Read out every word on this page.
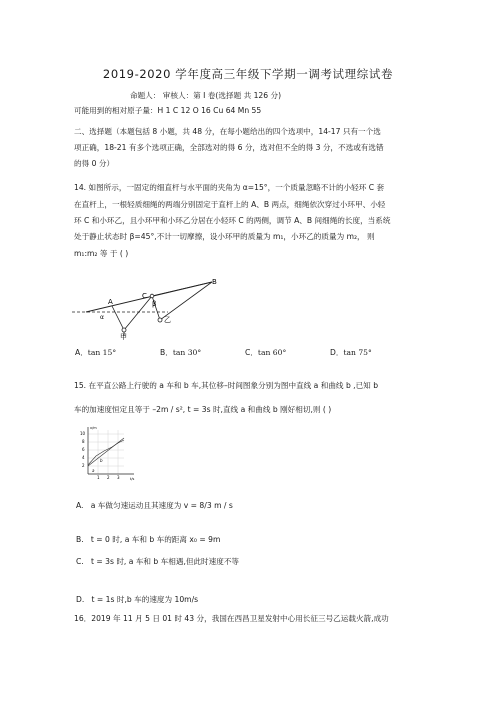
2019-2020 学年度高三年级下学期一调考试理综试卷
命题人： 审核人：第 I 卷(选择题 共 126 分)
可能用到的相对原子量：H 1 C 12 O 16 Cu 64 Mn 55
二、选择题（本题包括 8 小题，共 48 分，在每小题给出的四个选项中，14-17 只有一个选
项正确，18-21 有多个选项正确，全部选对的得 6 分，选对但不全的得 3 分，不选或有选错
的得 0 分）
14. 如图所示，一固定的细直杆与水平面的夹角为 α=15°，一个质量忽略不计的小轻环 C 套
在直杆上，一根轻质细绳的两端分别固定于直杆上的 A、B 两点，细绳依次穿过小环甲、小轻
环 C 和小环乙，且小环甲和小环乙分居在小轻环 C 的两侧，调节 A、B 间细绳的长度，当系统
处于静止状态时 β=45°,不计一切摩擦，设小环甲的质量为 m₁，小环乙的质量为 m₂， 则
m₁:m₂ 等 于 ( )
B
C
β
A
α
甲
乙
A．tan 15°	B．tan 30°	C．tan 60°	D．tan 75°
15. 在平直公路上行驶的 a 车和 b 车,其位移–时间图象分别为图中直线 a 和曲线 b ,已知 b
车的加速度恒定且等于 –2m / s², t = 3s 时,直线 a 和曲线 b 刚好相切,则 ( )
x/m
t/s
10
8
6
4
2
1 2 3
a
b
A. a 车做匀速运动且其速度为 v = 8/3 m / s
B. t = 0 时, a 车和 b 车的距离 x₀ = 9m
C. t = 3s 时, a 车和 b 车相遇,但此时速度不等
D. t = 1s 时,b 车的速度为 10m/s
16．2019 年 11 月 5 日 01 时 43 分，我国在西昌卫星发射中心用长征三号乙运载火箭,成功
